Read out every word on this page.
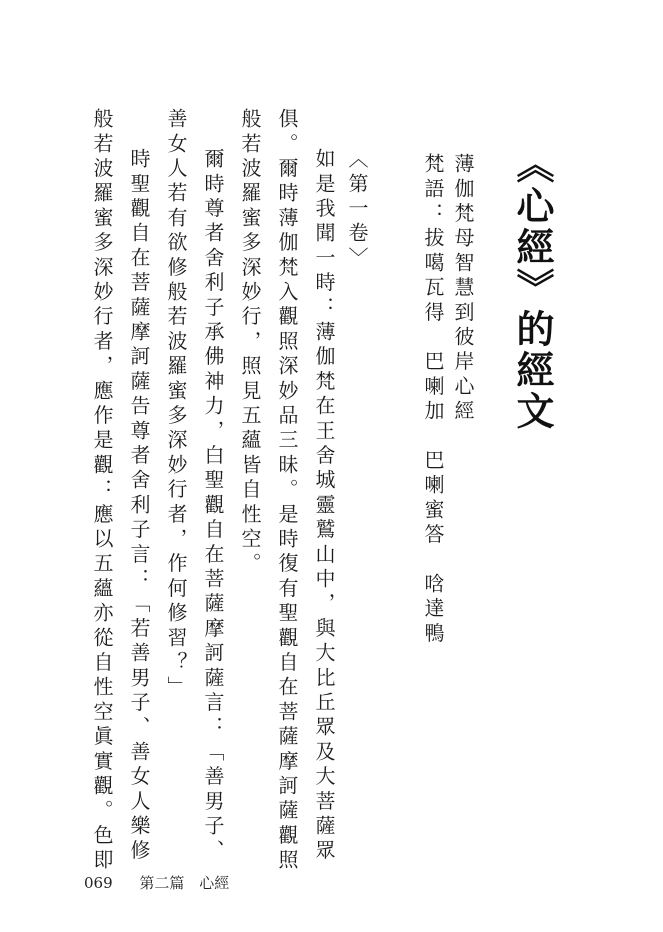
《心經》的經文
薄伽梵母智慧到彼岸心經
梵語：拔噶瓦得　巴喇加　巴喇蜜答　唅達鴨
〈第一卷〉
如是我聞一時：薄伽梵在王舍城靈鷲山中，與大比丘眾及大菩薩眾
俱。爾時薄伽梵入觀照深妙品三昧。是時復有聖觀自在菩薩摩訶薩觀照
般若波羅蜜多深妙行，照見五蘊皆自性空。
爾時尊者舍利子承佛神力，白聖觀自在菩薩摩訶薩言：「善男子、
善女人若有欲修般若波羅蜜多深妙行者，作何修習？」
時聖觀自在菩薩摩訶薩告尊者舍利子言：「若善男子、善女人樂修
般若波羅蜜多深妙行者，應作是觀：應以五蘊亦從自性空眞實觀。色即
069 第二篇 心經
